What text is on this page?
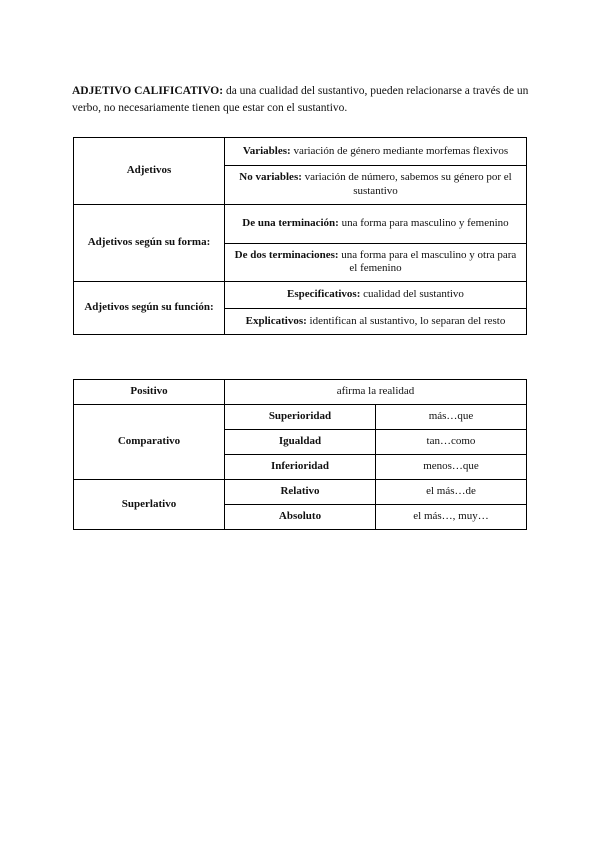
ADJETIVO CALIFICATIVO: da una cualidad del sustantivo, pueden relacionarse a través de un verbo, no necesariamente tienen que estar con el sustantivo.

Adjetivos	Variables: variación de género mediante morfemas flexivos
	No variables: variación de número, sabemos su género por el sustantivo
Adjetivos según su forma:	De una terminación: una forma para masculino y femenino
	De dos terminaciones: una forma para el masculino y otra para el femenino
Adjetivos según su función:	Especificativos: cualidad del sustantivo
	Explicativos: identifican al sustantivo, lo separan del resto
Positivo	afirma la realidad	
Comparativo	Superioridad	más…que
	Igualdad	tan…como
	Inferioridad	menos…que
Superlativo	Relativo	el más…de
	Absoluto	el más…, muy…
